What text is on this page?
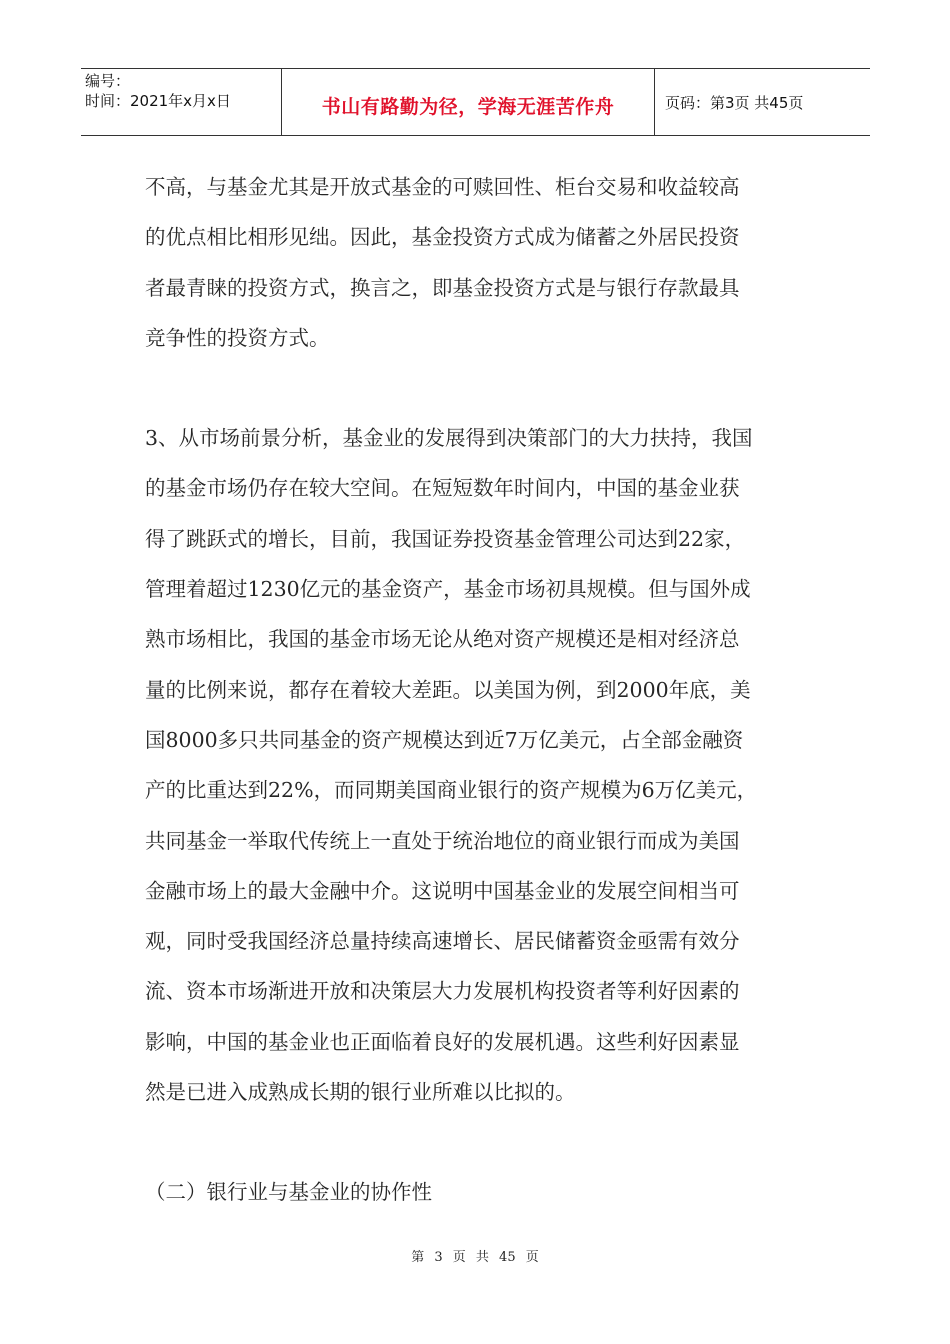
编号：
时间：2021年x月x日	书山有路勤为径，学海无涯苦作舟	页码：第3页 共45页

不高，与基金尤其是开放式基金的可赎回性、柜台交易和收益较高

的优点相比相形见绌。因此，基金投资方式成为储蓄之外居民投资

者最青睐的投资方式，换言之，即基金投资方式是与银行存款最具

竞争性的投资方式。

3、从市场前景分析，基金业的发展得到决策部门的大力扶持，我国

的基金市场仍存在较大空间。在短短数年时间内，中国的基金业获

得了跳跃式的增长，目前，我国证券投资基金管理公司达到22家，

管理着超过1230亿元的基金资产，基金市场初具规模。但与国外成

熟市场相比，我国的基金市场无论从绝对资产规模还是相对经济总

量的比例来说，都存在着较大差距。以美国为例，到2000年底，美

国8000多只共同基金的资产规模达到近7万亿美元，占全部金融资

产的比重达到22%，而同期美国商业银行的资产规模为6万亿美元，

共同基金一举取代传统上一直处于统治地位的商业银行而成为美国

金融市场上的最大金融中介。这说明中国基金业的发展空间相当可

观，同时受我国经济总量持续高速增长、居民储蓄资金亟需有效分

流、资本市场渐进开放和决策层大力发展机构投资者等利好因素的

影响，中国的基金业也正面临着良好的发展机遇。这些利好因素显

然是已进入成熟成长期的银行业所难以比拟的。

（二）银行业与基金业的协作性

第 3 页 共 45 页
